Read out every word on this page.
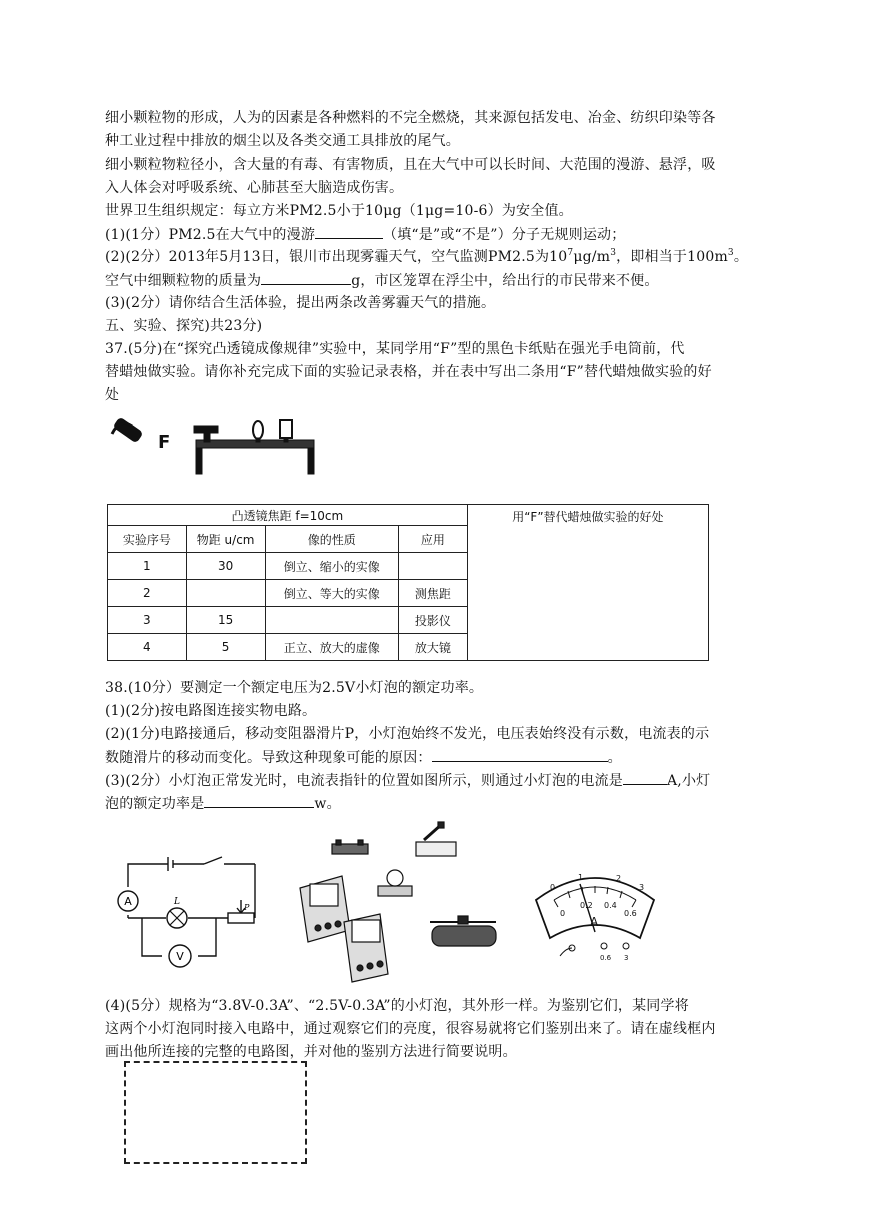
细小颗粒物的形成，人为的因素是各种燃料的不完全燃烧，其来源包括发电、冶金、纺织印染等各
种工业过程中排放的烟尘以及各类交通工具排放的尾气。
细小颗粒物粒径小，含大量的有毒、有害物质，且在大气中可以长时间、大范围的漫游、悬浮，吸
入人体会对呼吸系统、心肺甚至大脑造成伤害。
世界卫生组织规定：每立方米PM2.5小于10μg（1μg=10-6）为安全值。
(1)(1分）PM2.5在大气中的漫游	（填“是”或“不是”）分子无规则运动；
(2)(2分）2013年5月13日，银川市出现雾霾天气，空气监测PM2.5为$10^7\mu g/m^3$，即相当于$100m^3$。
空气中细颗粒物的质量为	g，市区笼罩在浮尘中，给出行的市民带来不便。
(3)(2分）请你结合生活体验，提出两条改善雾霾天气的措施。
五、实验、探究)共23分)
37.(5分)在“探究凸透镜成像规律”实验中，某同学用“F”型的黑色卡纸贴在强光手电筒前，代
替蜡烛做实验。请你补充完成下面的实验记录表格，并在表中写出二条用“F”替代蜡烛做实验的好
处
F
凸透镜焦距 f=10cm				用“F”替代蜡烛做实验的好处
实验序号	物距 u/cm	像的性质	应用	
1	30	倒立、缩小的实像		
2		倒立、等大的实像	测焦距	
3	15		投影仪	
4	5	正立、放大的虚像	放大镜	
38.(10分）要测定一个额定电压为2.5V小灯泡的额定功率。
(1)(2分)按电路图连接实物电路。
(2)(1分)电路接通后，移动变阻器滑片P，小灯泡始终不发光，电压表始终没有示数，电流表的示
数随滑片的移动而变化。导致这种现象可能的原因：	。
(3)(2分）小灯泡正常发光时，电流表指针的位置如图所示，则通过小灯泡的电流是	A,小灯
泡的额定功率是	w。
A	L
V
P
0
1	2
3
0
0.2 0.4
0.6
A
0.6 3
(4)(5分）规格为“3.8V-0.3A”、“2.5V-0.3A”的小灯泡，其外形一样。为鉴别它们，某同学将
这两个小灯泡同时接入电路中，通过观察它们的亮度，很容易就将它们鉴别出来了。请在虚线框内
画出他所连接的完整的电路图，并对他的鉴别方法进行简要说明。
